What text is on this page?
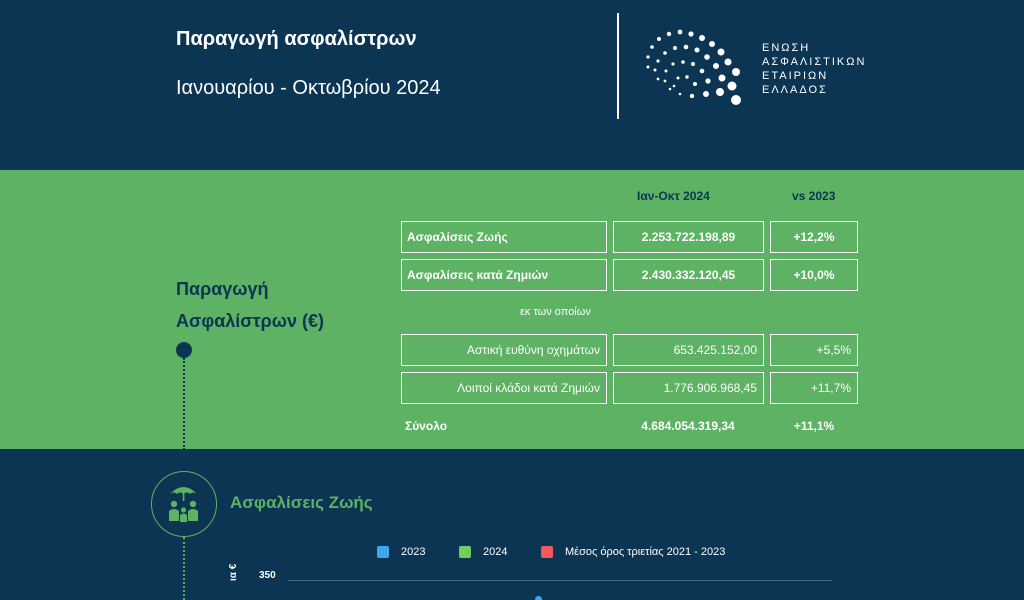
Παραγωγή ασφαλίστρων
Ιανουαρίου - Οκτωβρίου 2024
ΕΝΩΣΗ
ΑΣΦΑΛΙΣΤΙΚΩΝ
ΕΤΑΙΡΙΩΝ
ΕΛΛΑΔΟΣ
Παραγωγή
Ασφαλίστρων (€)
Ιαν-Οκτ 2024	vs 2023
Ασφαλίσεις Ζωής	2.253.722.198,89	+12,2%
Ασφαλίσεις κατά Ζημιών	2.430.332.120,45	+10,0%
εκ των οποίων
Αστική ευθύνη οχημάτων	653.425.152,00	+5,5%
Λοιποί κλάδοι κατά Ζημιών	1.776.906.968,45	+11,7%
Σύνολο	4.684.054.319,34	+11,1%
Ασφαλίσεις Ζωής
2023	2024	Μέσος όρος τριετίας 2021 - 2023
ια € 350
